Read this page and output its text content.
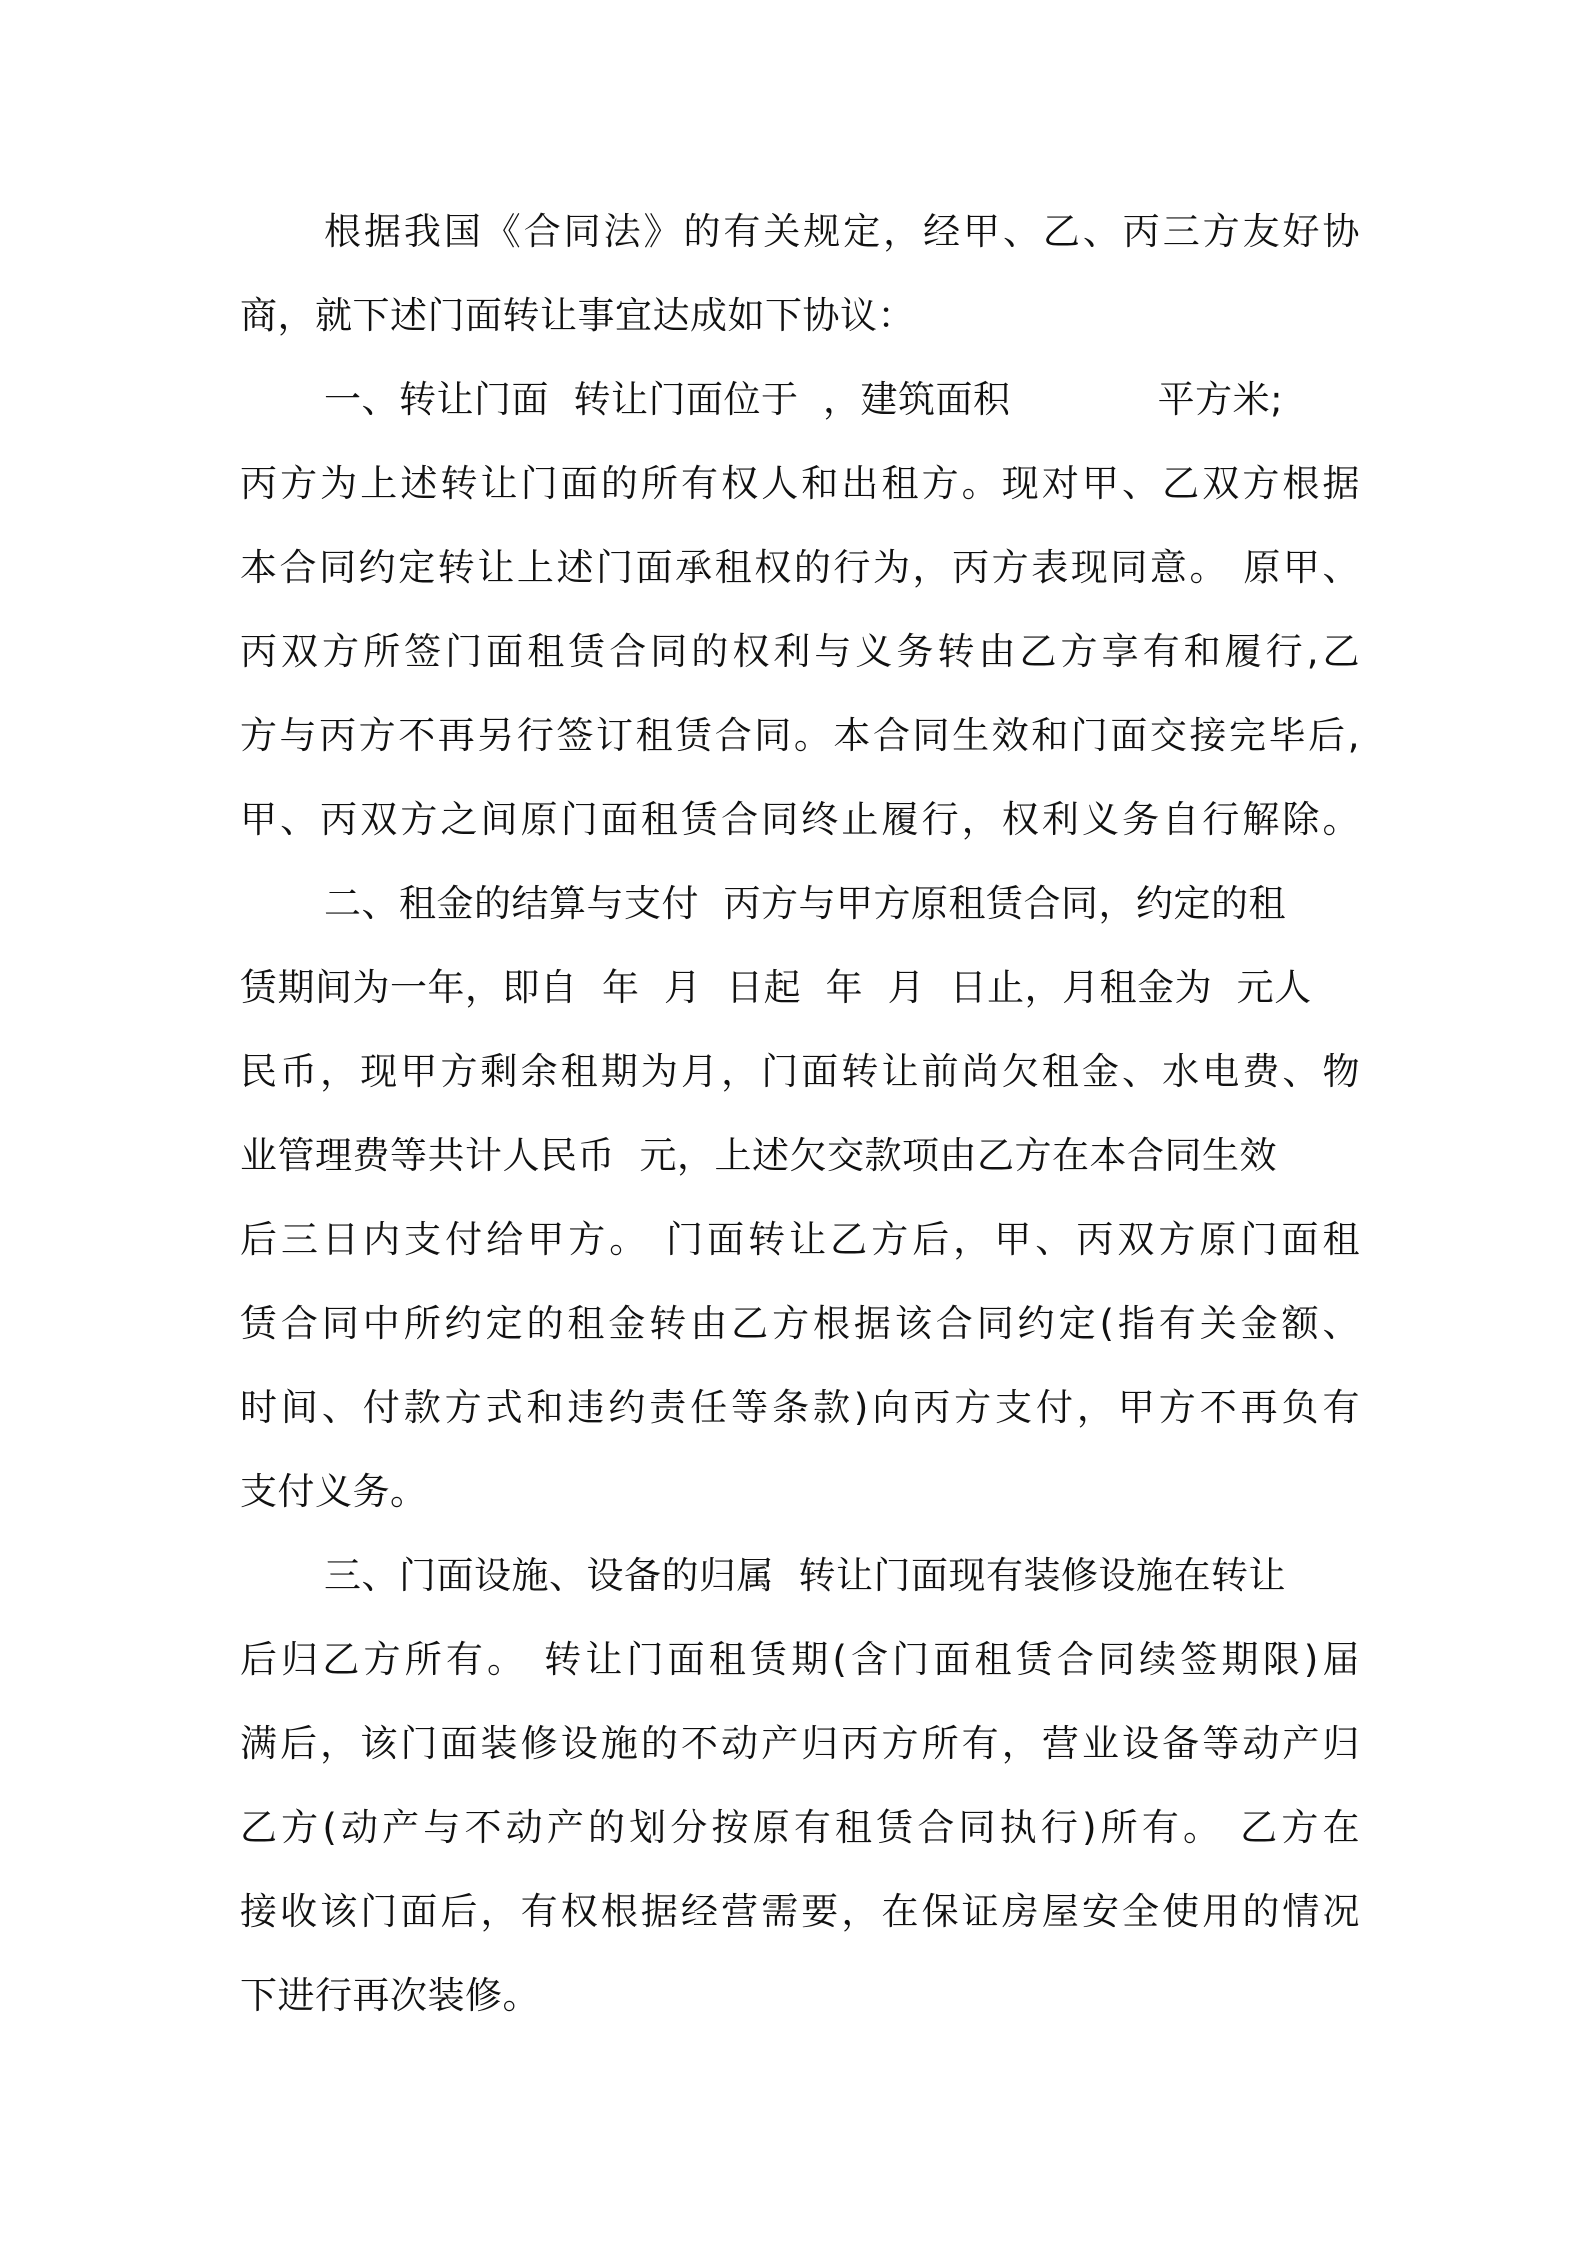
根据我国《合同法》的有关规定，经甲、乙、丙三方友好协
商，就下述门面转让事宜达成如下协议：
一、转让门面  转让门面位于  ，建筑面积            平方米;
丙方为上述转让门面的所有权人和出租方。现对甲、乙双方根据
本合同约定转让上述门面承租权的行为，丙方表现同意。 原甲、
丙双方所签门面租赁合同的权利与义务转由乙方享有和履行,乙
方与丙方不再另行签订租赁合同。本合同生效和门面交接完毕后,
甲、丙双方之间原门面租赁合同终止履行，权利义务自行解除。
二、租金的结算与支付  丙方与甲方原租赁合同，约定的租
赁期间为一年，即自  年  月  日起  年  月  日止，月租金为  元人
民币，现甲方剩余租期为月，门面转让前尚欠租金、水电费、物
业管理费等共计人民币  元，上述欠交款项由乙方在本合同生效
后三日内支付给甲方。 门面转让乙方后，甲、丙双方原门面租
赁合同中所约定的租金转由乙方根据该合同约定(指有关金额、
时间、付款方式和违约责任等条款)向丙方支付，甲方不再负有
支付义务。
三、门面设施、设备的归属  转让门面现有装修设施在转让
后归乙方所有。 转让门面租赁期(含门面租赁合同续签期限)届
满后，该门面装修设施的不动产归丙方所有，营业设备等动产归
乙方(动产与不动产的划分按原有租赁合同执行)所有。 乙方在
接收该门面后，有权根据经营需要，在保证房屋安全使用的情况
下进行再次装修。
